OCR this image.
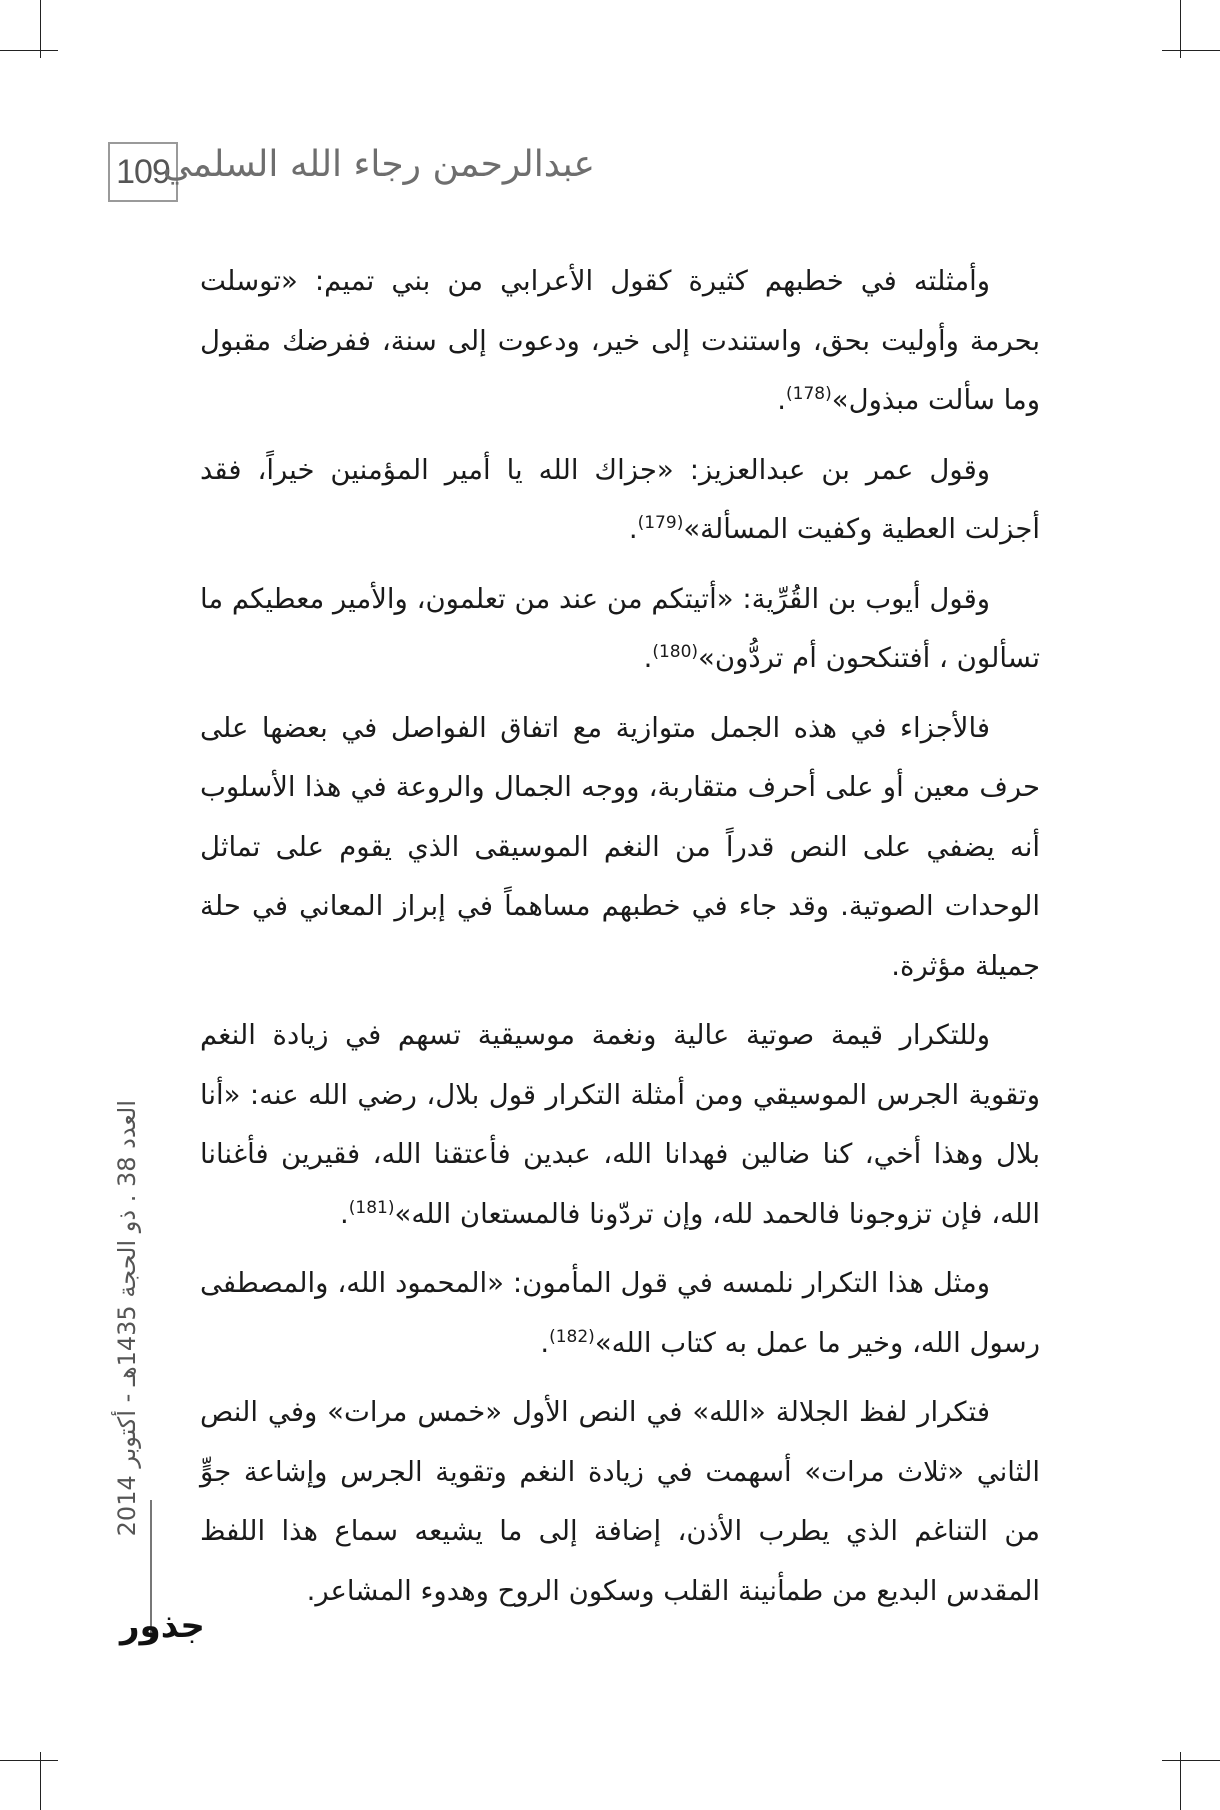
109
عبدالرحمن رجاء الله السلمي

وأمثلته في خطبهم كثيرة كقول الأعرابي من بني تميم: «توسلت بحرمة وأوليت بحق، واستندت إلى خير، ودعوت إلى سنة، ففرضك مقبول وما سألت مبذول»$^{(178)}$.

وقول عمر بن عبدالعزيز: «جزاك الله يا أمير المؤمنين خيراً، فقد أجزلت العطية وكفيت المسألة»$^{(179)}$.

وقول أيوب بن القُرِّية: «أتيتكم من عند من تعلمون، والأمير معطيكم ما تسألون ، أفتنكحون أم تردُّون»$^{(180)}$.

فالأجزاء في هذه الجمل متوازية مع اتفاق الفواصل في بعضها على حرف معين أو على أحرف متقاربة، ووجه الجمال والروعة في هذا الأسلوب أنه يضفي على النص قدراً من النغم الموسيقى الذي يقوم على تماثل الوحدات الصوتية. وقد جاء في خطبهم مساهماً في إبراز المعاني في حلة جميلة مؤثرة.

وللتكرار قيمة صوتية عالية ونغمة موسيقية تسهم في زيادة النغم وتقوية الجرس الموسيقي ومن أمثلة التكرار قول بلال، رضي الله عنه: «أنا بلال وهذا أخي، كنا ضالين فهدانا الله، عبدين فأعتقنا الله، فقيرين فأغنانا الله، فإن تزوجونا فالحمد لله، وإن تردّونا فالمستعان الله»$^{(181)}$.

ومثل هذا التكرار نلمسه في قول المأمون: «المحمود الله، والمصطفى رسول الله، وخير ما عمل به كتاب الله»$^{(182)}$.

فتكرار لفظ الجلالة «الله» في النص الأول «خمس مرات» وفي النص الثاني «ثلاث مرات» أسهمت في زيادة النغم وتقوية الجرس وإشاعة جوٍّ من التناغم الذي يطرب الأذن، إضافة إلى ما يشيعه سماع هذا اللفظ المقدس البديع من طمأنينة القلب وسكون الروح وهدوء المشاعر.

العدد 38 . ذو الحجة 1435هـ - أكتوبر 2014
جذور
